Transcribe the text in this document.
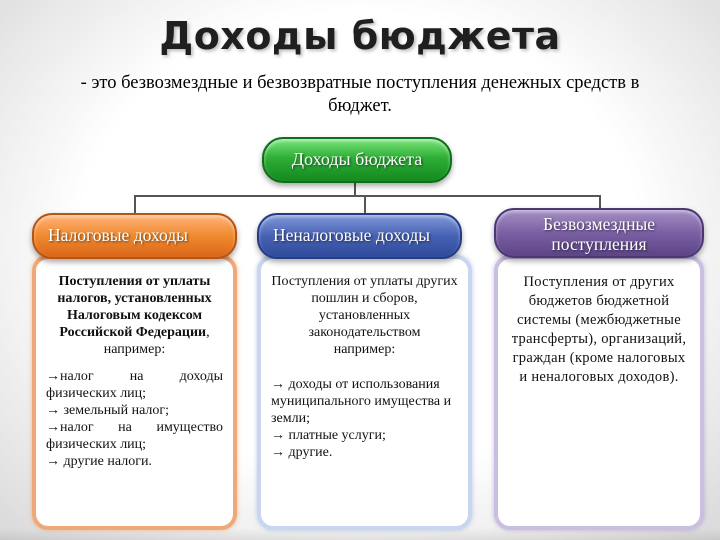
Доходы бюджета
- это безвозмездные и безвозвратные поступления денежных средств в бюджет.
Доходы бюджета
Налоговые доходы
Поступления от уплаты налогов, установленных Налоговым кодексом Российской Федерации, например:

→налог на доходы физических лиц;

→ земельный налог;

→налог на имущество физических лиц;

→ другие налоги.

Неналоговые доходы
Поступления от уплаты других пошлин и сборов, установленных законодательством
например:

→ доходы от использования муниципального имущества и земли;

→ платные услуги;

→ другие.

Безвозмездные поступления
Поступления от других бюджетов бюджетной системы (межбюджетные трансферты), организаций, граждан (кроме налоговых и неналоговых доходов).
